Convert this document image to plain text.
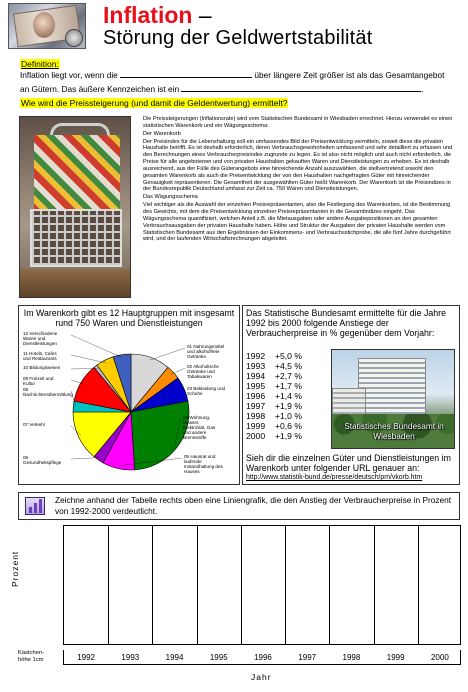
Inflation –
Störung der Geldwertstabilität
Definition:
Inflation liegt vor, wenn die	über längere Zeit größer ist als das Gesamtangebot
an Gütern. Das äußere Kennzeichen ist ein	.
Wie wird die Preissteigerung (und damit die Geldentwertung) ermittelt?

Die Preissteigerungen (Inflationsrate) wird vom Statistischen Bundesamt in Wiesbaden errechnet. Hierzu verwendet es einen statistischen Warenkorb und ein Wägungsschema:

Der Warenkorb

Der Preisindex für die Lebenshaltung soll ein umfassendes Bild der Preisentwicklung vermitteln, soweit diese die privaten Haushalte betrifft. Es ist deshalb erforderlich, deren Verbrauchsgewohnheiten umfassend und sehr detailliert zu erfassen und den Berechnungen eines Verbraucherpreisindex zugrunde zu legen. Es ist also nicht möglich und auch nicht erforderlich, die Preise für alle angebotenen und von privaten Haushalten gekauften Waren und Dienstleistungen zu erheben. Es ist deshalb ausreichend, aus der Fülle des Güterangebots eine hinreichende Anzahl auszuwählen, die stellvertretend sowohl den gesamten Warenkorb als auch die Preisentwicklung der von den Haushalten nachgefragten Güter mit hinreichender Genauigkeit repräsentieren. Die Gesamtheit der ausgewählten Güter heißt Warenkorb. Der Warenkorb ist die Preisindizes in der Bundesrepublik Deutschland umfasst zur Zeit ca. 750 Waren und Dienstleistungen.

Das Wägungsschema

Viel wichtiger als die Auswahl der einzelnen Preisrepräsentanten, also die Festlegung des Warenkorbes, ist die Bestimmung des Gewichts, mit dem die Preisentwicklung einzelner Preisrepräsentanten in die Gesamtindizes eingeht. Das Wägungsschema quantifiziert, welchen Anteil z.B. die Mietausgaben oder andere Ausgabepositionen an den gesamten Verbrauchsausgaben der privaten Haushalte haben. Höhe und Struktur der Ausgaben der privaten Haushalte werden vom Statistischen Bundesamt aus den Ergebnissen der Einkommens- und Verbrauchsstichprobe, die alle fünf Jahre durchgeführt wird, und der laufenden Wirtschaftsrechnungen abgeleitet.

Im Warenkorb gibt es 12 Hauptgruppen mit insgesamt rund 750 Waren und Dienstleistungen
01 Nahrungsmittel und alkoholfreie Getränke
02 Alkoholische Getränke und Tabakwaren
03 Bekleidung und Schuhe
04 Wohnung, Wasser, Elektrizität, Gas und andere Brennstoffe
05 Hausrat und laufende Instandhaltung des Hauses
06 Gesundheitspflege
07 Verkehr
08 Nachrichtenübermittlung
09 Freizeit und Kultur
10 Bildungswesen
11 Hotels, Cafes und Restaurants
12 Verschiedene Waren und Dienstleistungen
Das Statistische Bundesamt ermittelte für die Jahre 1992 bis 2000 folgende Anstiege der Verbraucherpreise in % gegenüber dem Vorjahr:
1992	+5,0 %
1993	+4,5 %
1994	+2,7 %
1995	+1,7 %
1996	+1,4 %
1997	+1,9 %
1998	+1,0 %
1999	+0,6 %
2000	+1,9 %
Statistisches Bundesamt in Wiesbaden
Sieh dir die einzelnen Güter und Dienstleistungen im Warenkorb unter folgender URL genauer an:
http://www.statistik-bund.de/presse/deutsch/pm/vkorb.htm
Zeichne anhand der Tabelle rechts oben eine Liniengrafik, die den Anstieg der Verbraucherpreise in Prozent von 1992-2000 verdeutlicht.
Prozent
Kästchen-
höhe 1cm	1992	1993	1994	1995	1996	1997	1998	1999	2000
Jahr
